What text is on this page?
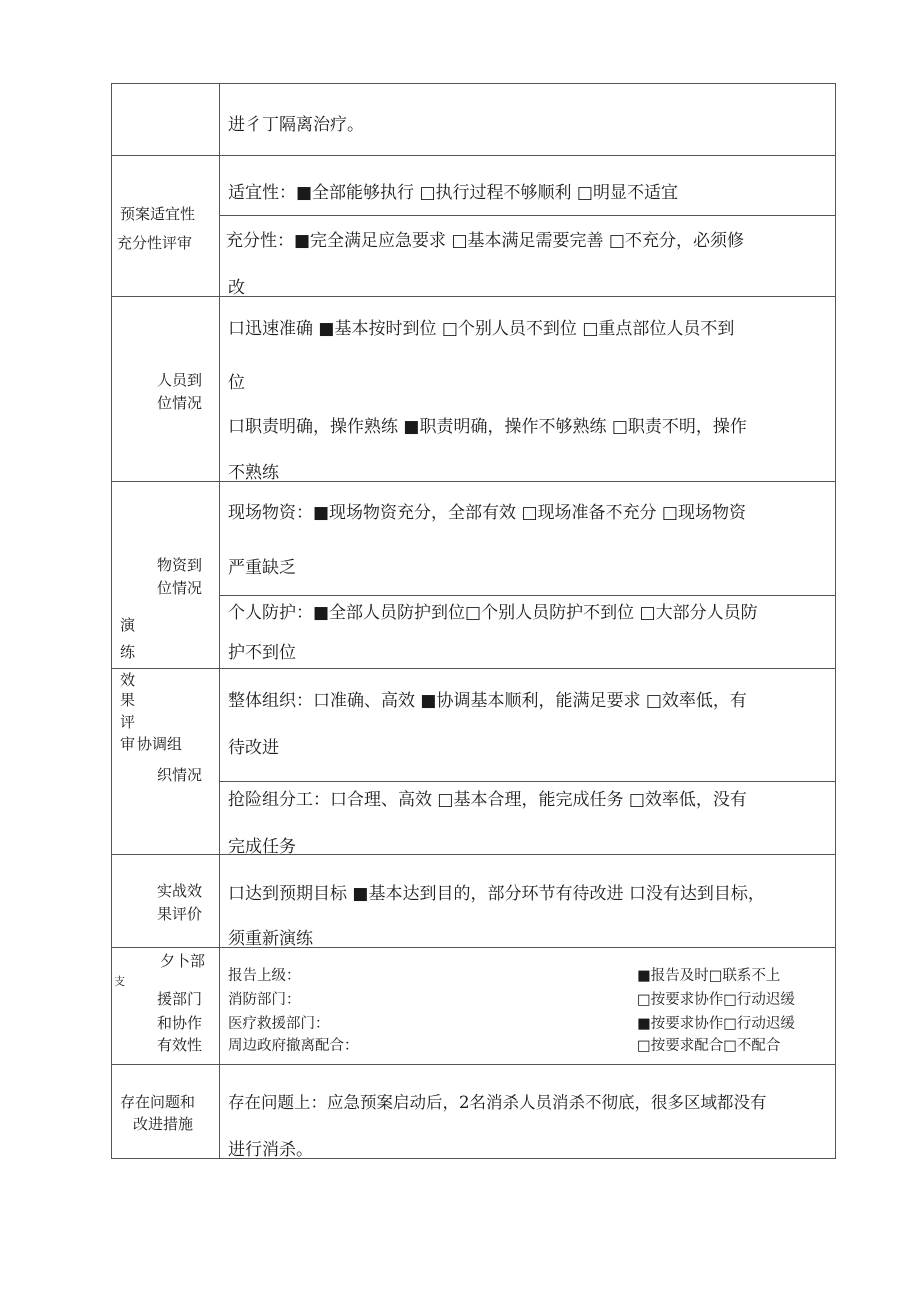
进彳丁隔离治疗。
预案适宜性
充分性评审
适宜性：■全部能够执行 □执行过程不够顺利 □明显不适宜
充分性：■完全满足应急要求 □基本满足需要完善 □不充分，必须修
改
人员到
位情况
口迅速准确 ■基本按时到位 □个别人员不到位 □重点部位人员不到
位
口职责明确，操作熟练 ■职责明确，操作不够熟练 □职责不明，操作
不熟练
物资到
位情况
现场物资：■现场物资充分，全部有效 □现场准备不充分 □现场物资
严重缺乏
个人防护：■全部人员防护到位□个别人员防护不到位 □大部分人员防
护不到位
演
练
效
果
评
审 协调组
织情况
整体组织：口准确、高效 ■协调基本顺利，能满足要求 □效率低，有
待改进
抢险组分工：口合理、高效 □基本合理，能完成任务 □效率低，没有
完成任务
实战效
果评价
口达到预期目标 ■基本达到目的，部分环节有待改进 口没有达到目标，
须重新演练
支
夕卜部
援部门
和协作
有效性
报告上级：
消防部门：
医疗救援部门：
周边政府撤离配合：
■报告及时□联系不上
□按要求协作□行动迟缓
■按要求协作□行动迟缓
□按要求配合□不配合
存在问题和
改进措施
存在问题上：应急预案启动后，2名消杀人员消杀不彻底，很多区域都没有
进行消杀。
